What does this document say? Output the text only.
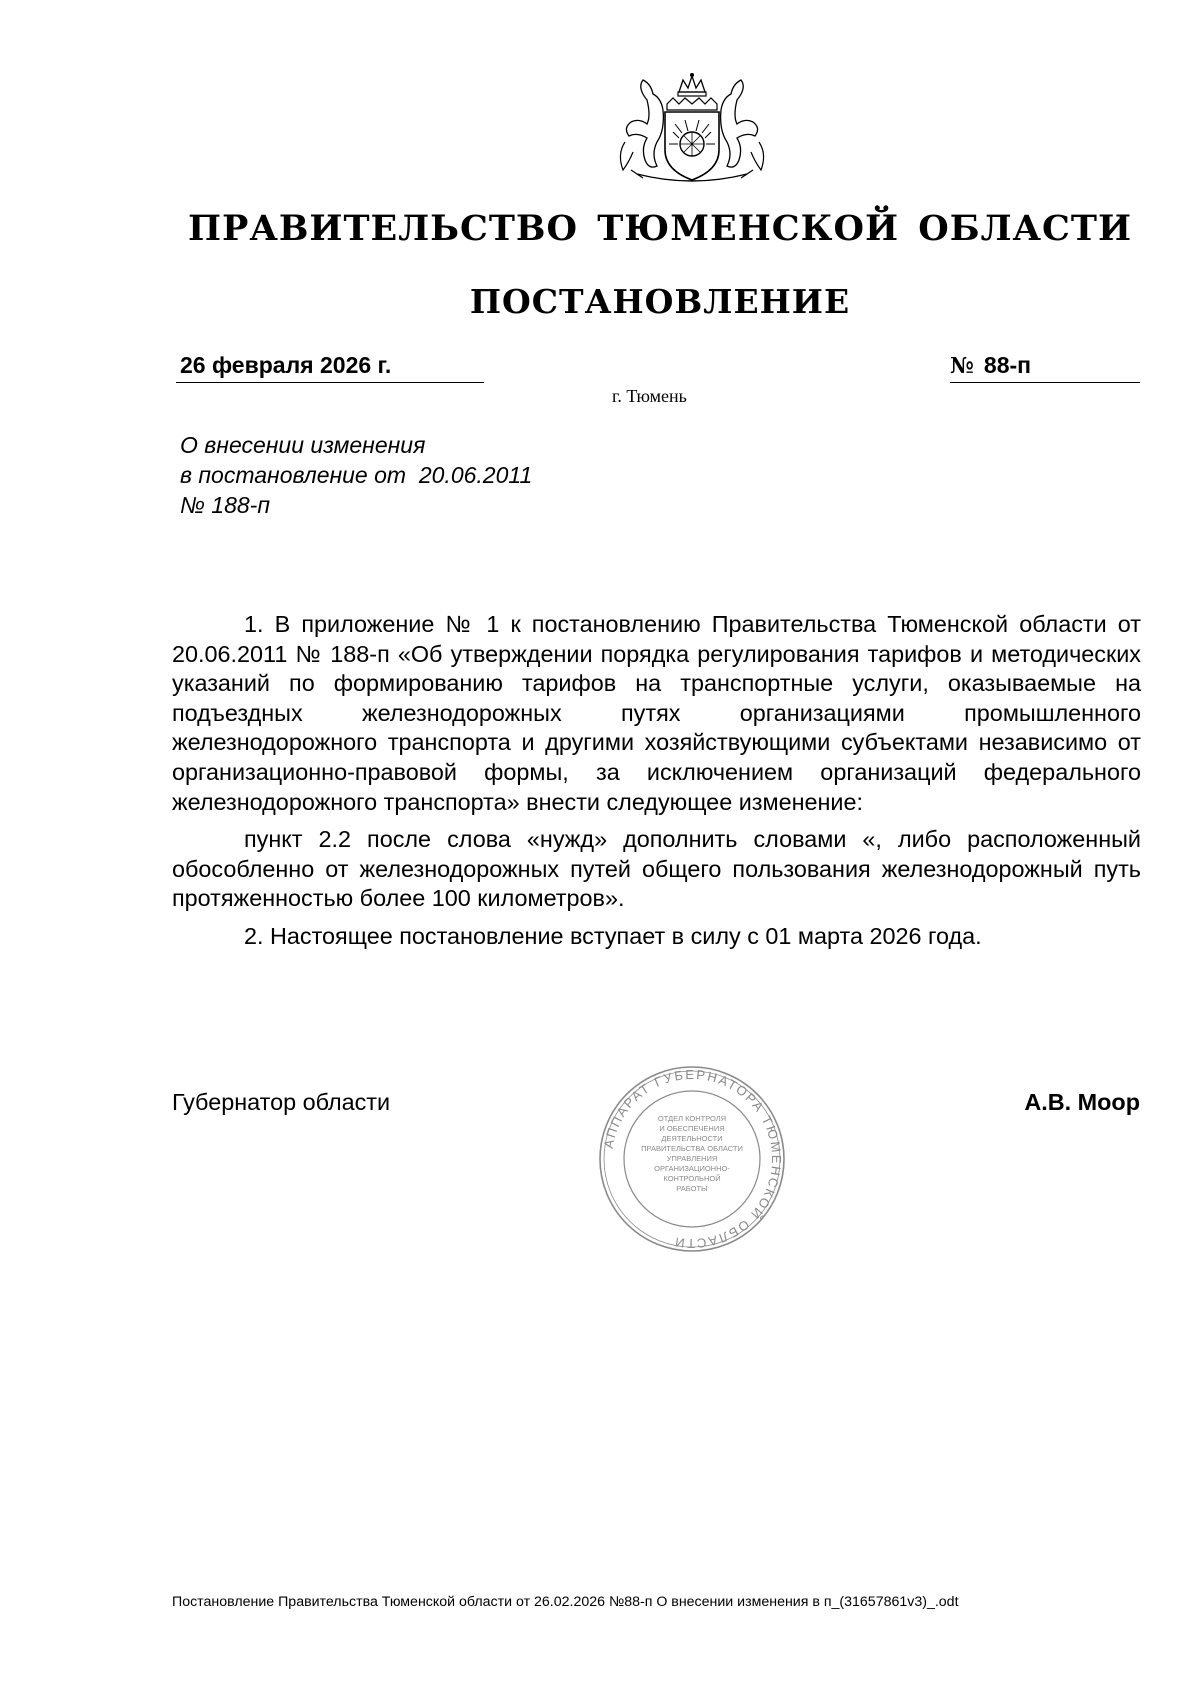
ПРАВИТЕЛЬСТВО ТЮМЕНСКОЙ ОБЛАСТИ
ПОСТАНОВЛЕНИЕ
26 февраля 2026 г.	№ 88-п
г. Тюмень
О внесении изменения
в постановление от  20.06.2011
№ 188-п

1. В приложение № 1 к постановлению Правительства Тюменской области от 20.06.2011 № 188-п «Об утверждении порядка регулирования тарифов и методических указаний по формированию тарифов на транспортные услуги, оказываемые на подъездных железнодорожных путях организациями промышленного железнодорожного транспорта и другими хозяйствующими субъектами независимо от организационно-правовой формы, за исключением организаций федерального железнодорожного транспорта» внести следующее изменение:

пункт 2.2 после слова «нужд» дополнить словами «, либо расположенный обособленно от железнодорожных путей общего пользования железнодорожный путь протяженностью более 100 километров».

2. Настоящее постановление вступает в силу с 01 марта 2026 года.

Губернатор области	А.В. Моор
АППАРАТ ГУБЕРНАТОРА ТЮМЕНСКОЙ ОБЛАСТИ
ОТДЕЛ КОНТРОЛЯ
И ОБЕСПЕЧЕНИЯ
ДЕЯТЕЛЬНОСТИ
ПРАВИТЕЛЬСТВА ОБЛАСТИ
УПРАВЛЕНИЯ
ОРГАНИЗАЦИОННО-
КОНТРОЛЬНОЙ
РАБОТЫ
Постановление Правительства Тюменской области от 26.02.2026 №88-п О внесении изменения в п_(31657861v3)_.odt
